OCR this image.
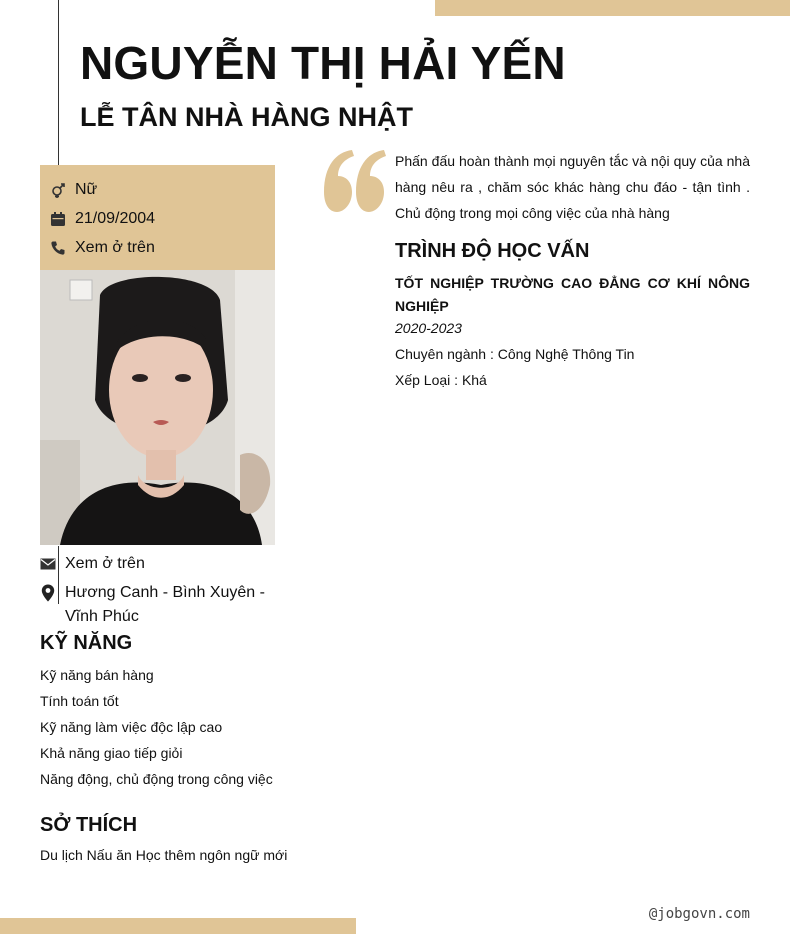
NGUYỄN THỊ HẢI YẾN
LỄ TÂN NHÀ HÀNG NHẬT
Nữ
21/09/2004
Xem ở trên
Xem ở trên
Hương Canh - Bình Xuyên - Vĩnh Phúc
KỸ NĂNG
Kỹ năng bán hàng
Tính toán tốt
Kỹ năng làm việc độc lập cao
Khả năng giao tiếp giỏi
Năng động, chủ động trong công việc
SỞ THÍCH

Du lịch Nấu ăn Học thêm ngôn ngữ mới

Phấn đấu hoàn thành mọi nguyên tắc và nội quy của nhà hàng nêu ra , chăm sóc khác hàng chu đáo - tận tình . Chủ động trong mọi công việc của nhà hàng

TRÌNH ĐỘ HỌC VẤN

TỐT NGHIỆP TRƯỜNG CAO ĐẲNG CƠ KHÍ NÔNG NGHIỆP

2020-2023

Chuyên ngành : Công Nghệ Thông Tin

Xếp Loại : Khá

@jobgovn.com
